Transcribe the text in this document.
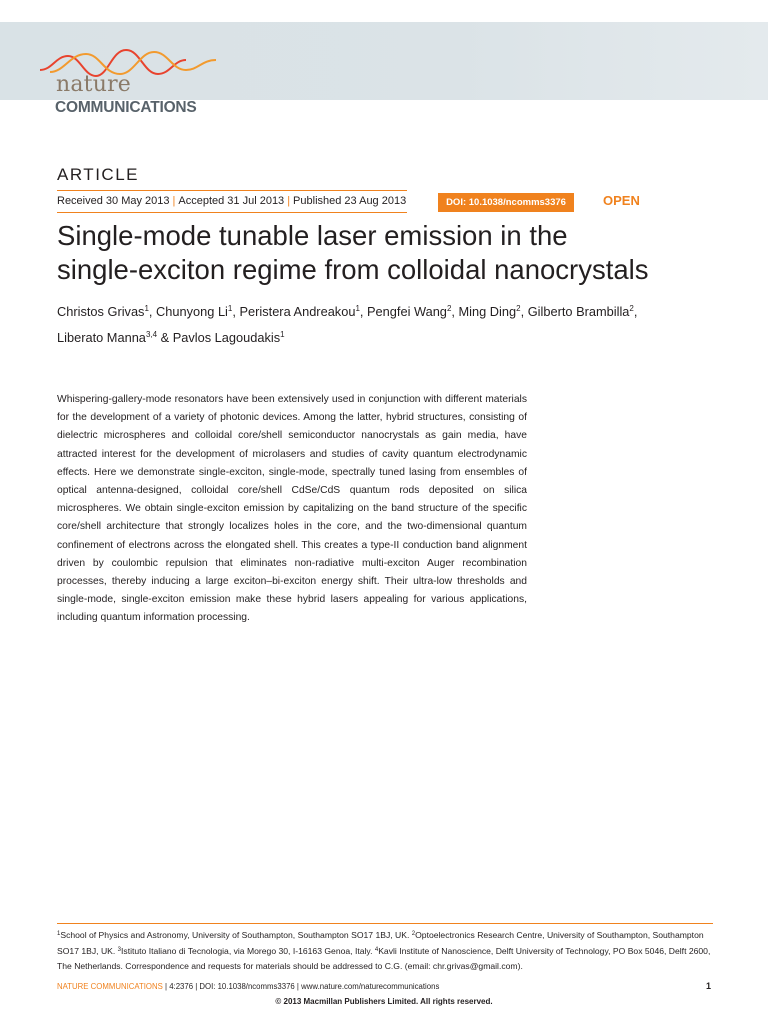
nature
COMMUNICATIONS
ARTICLE
Received 30 May 2013 | Accepted 31 Jul 2013 | Published 23 Aug 2013	DOI: 10.1038/ncomms3376	OPEN
Single-mode tunable laser emission in the
single-exciton regime from colloidal nanocrystals
Christos Grivas$^1$, Chunyong Li$^1$, Peristera Andreakou$^1$, Pengfei Wang$^2$, Ming Ding$^2$, Gilberto Brambilla$^2$,
Liberato Manna$^{3,4}$ & Pavlos Lagoudakis$^1$

Whispering-gallery-mode resonators have been extensively used in conjunction with different materials for the development of a variety of photonic devices. Among the latter, hybrid structures, consisting of dielectric microspheres and colloidal core/shell semiconductor nanocrystals as gain media, have attracted interest for the development of microlasers and studies of cavity quantum electrodynamic effects. Here we demonstrate single-exciton, single-mode, spectrally tuned lasing from ensembles of optical antenna-designed, colloidal core/shell CdSe/CdS quantum rods deposited on silica microspheres. We obtain single-exciton emission by capitalizing on the band structure of the specific core/shell architecture that strongly localizes holes in the core, and the two-dimensional quantum confinement of electrons across the elongated shell. This creates a type-II conduction band alignment driven by coulombic repulsion that eliminates non-radiative multi-exciton Auger recombination processes, thereby inducing a large exciton–bi-exciton energy shift. Their ultra-low thresholds and single-mode, single-exciton emission make these hybrid lasers appealing for various applications, including quantum information processing.

$^1$School of Physics and Astronomy, University of Southampton, Southampton SO17 1BJ, UK. $^2$Optoelectronics Research Centre, University of Southampton, Southampton SO17 1BJ, UK. $^3$Istituto Italiano di Tecnologia, via Morego 30, I-16163 Genoa, Italy. $^4$Kavli Institute of Nanoscience, Delft University of Technology, PO Box 5046, Delft 2600, The Netherlands. Correspondence and requests for materials should be addressed to C.G. (email: chr.grivas@gmail.com).

NATURE COMMUNICATIONS | 4:2376 | DOI: 10.1038/ncomms3376 | www.nature.com/naturecommunications	1
© 2013 Macmillan Publishers Limited. All rights reserved.
